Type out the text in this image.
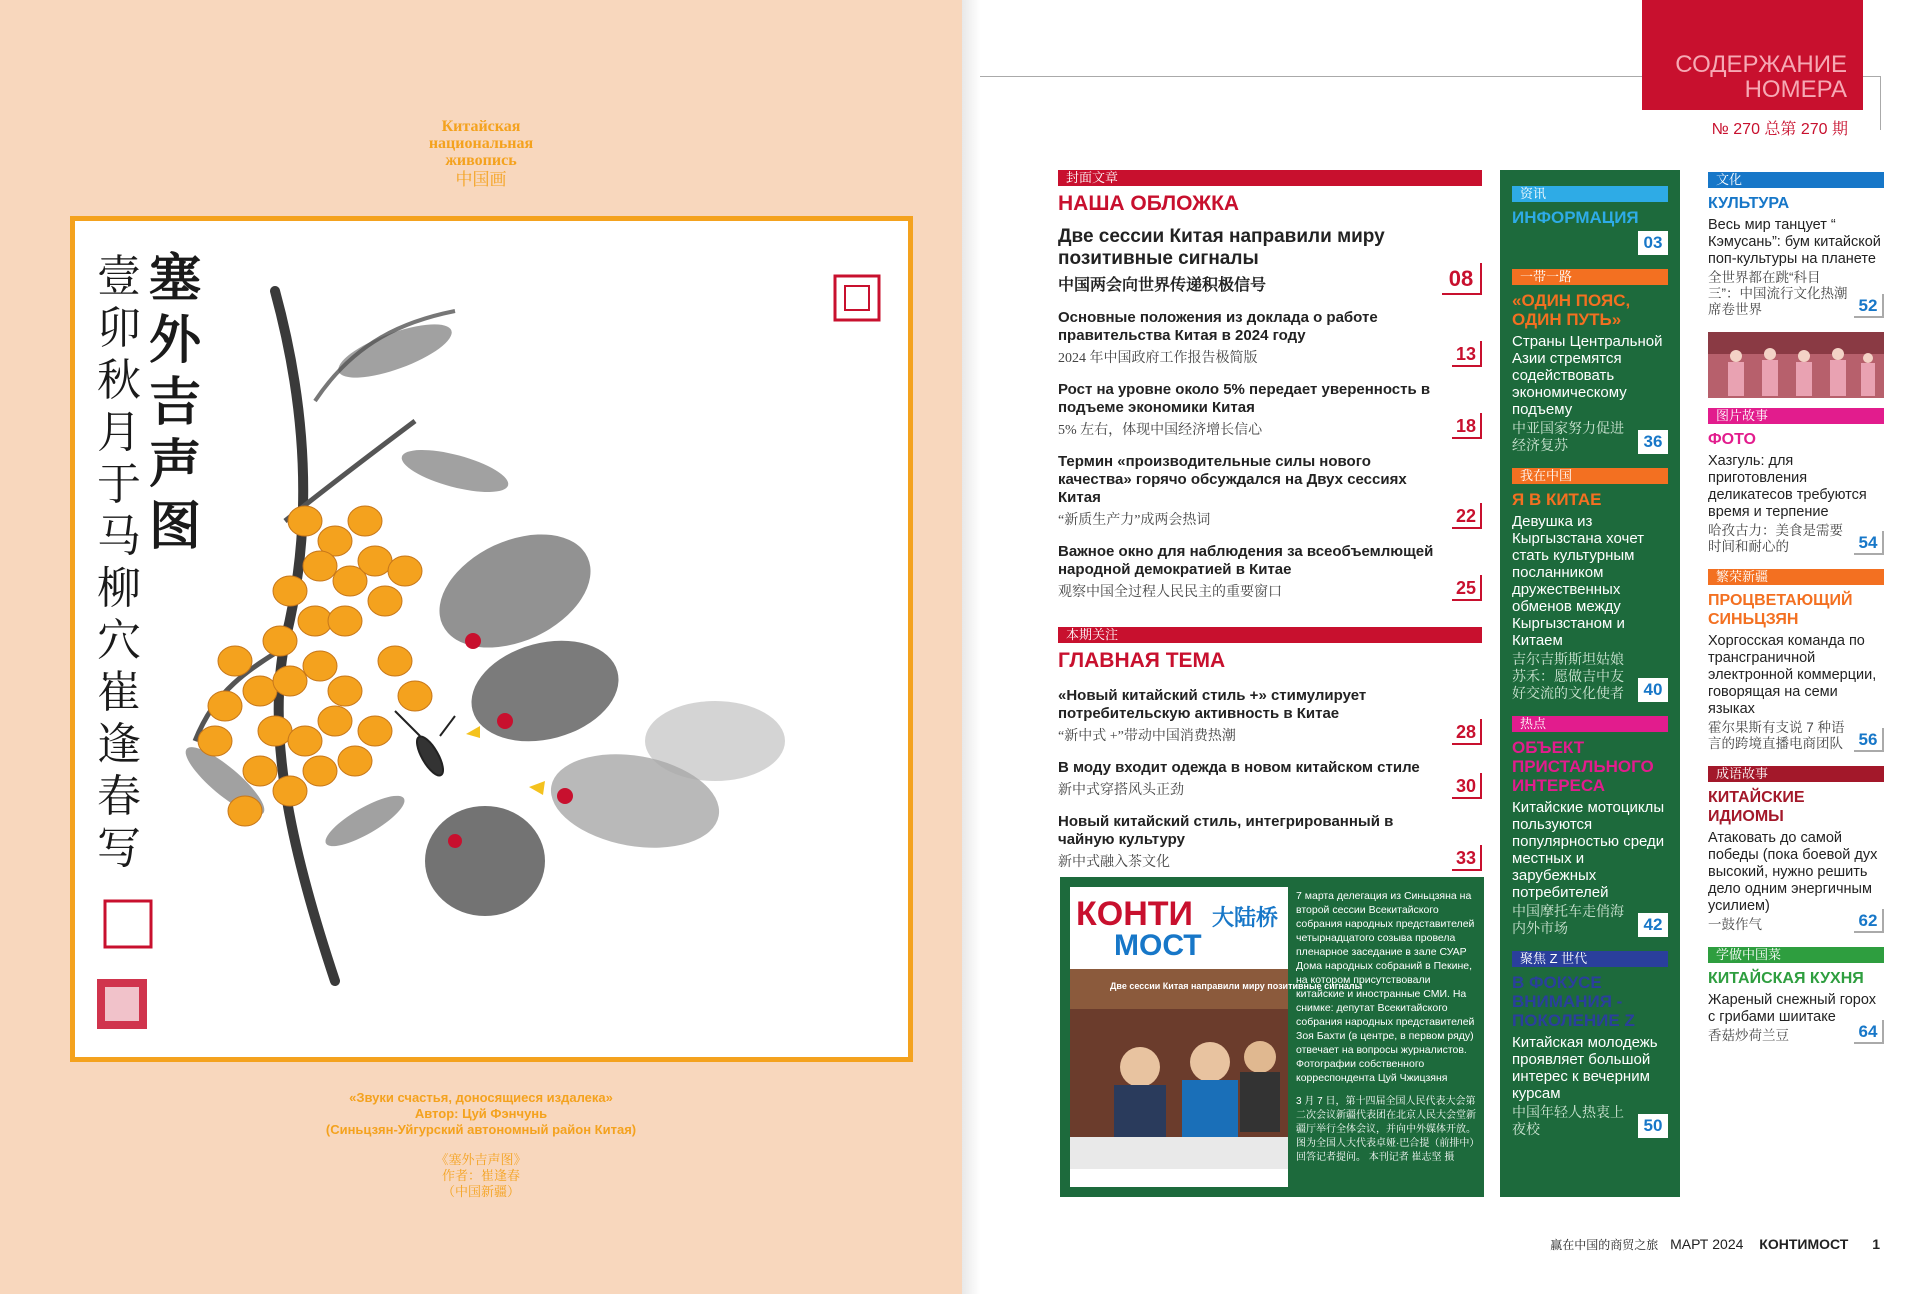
Китайская
национальная
живопись
中国画
塞
外
吉
声
图
壹
卯
秋
月
于
马
柳
穴
崔
逢
春
写
«Звуки счастья, доносящиеся издалека»
Автор: Цуй Фэнчунь
(Синьцзян-Уйгурский автономный район Китая)
《塞外吉声图》
作者：崔逢春
（中国新疆）
СОДЕРЖАНИЕ
НОМЕРА
№ 270 总第 270 期
封面文章
НАША ОБЛОЖКА
Две сессии Китая направили миру позитивные сигналы
中国两会向世界传递积极信号	08
Основные положения из доклада о работе правительства Китая в 2024 году
2024 年中国政府工作报告极简版	13
Рост на уровне около 5% передает уверенность в подъеме экономики Китая
5% 左右，体现中国经济增长信心	18
Термин «производительные силы нового качества» горячо обсуждался на Двух сессиях Китая
“新质生产力”成两会热词	22
Важное окно для наблюдения за всеобъемлющей народной демократией в Китае
观察中国全过程人民民主的重要窗口	25
本期关注
ГЛАВНАЯ ТЕМА
«Новый китайский стиль +» стимулирует потребительскую активность в Китае
“新中式 +”带动中国消费热潮	28
В моду входит одежда в новом китайском стиле
新中式穿搭风头正劲	30
Новый китайский стиль, интегрированный в чайную культуру
新中式融入茶文化	33
КОНТИ
МОСТ
大陆桥
Две сессии Китая направили миру позитивные сигналы

7 марта делегация из Синьцзяна на второй сессии Всекитайского собрания народных представителей четырнадцатого созыва провела пленарное заседание в зале СУАР Дома народных собраний в Пекине, на котором присутствовали китайские и иностранные СМИ. На снимке: депутат Всекитайского собрания народных представителей Зоя Бахти (в центре, в первом ряду) отвечает на вопросы журналистов. Фотографии собственного корреспондента Цуй Чжицзяня

3 月 7 日，第十四届全国人民代表大会第二次会议新疆代表团在北京人民大会堂新疆厅举行全体会议，并向中外媒体开放。图为全国人大代表卓娅·巴合提（前排中）回答记者提问。 本刊记者 崔志坚 摄

资讯
ИНФОРМАЦИЯ
03
一带一路
«ОДИН ПОЯС, ОДИН ПУТЬ»
Страны Центральной Азии стремятся содействовать экономическому подъему
中亚国家努力促进经济复苏	36
我在中国
Я В КИТАЕ
Девушка из Кыргызстана хочет стать культурным посланником дружественных обменов между Кыргызстаном и Китаем
吉尔吉斯斯坦姑娘苏禾：愿做吉中友好交流的文化使者	40
热点
ОБЪЕКТ ПРИСТАЛЬНОГО ИНТЕРЕСА
Китайские мотоциклы пользуются популярностью среди местных и зарубежных потребителей
中国摩托车走俏海内外市场	42
聚焦 Z 世代
В ФОКУСЕ ВНИМАНИЯ - ПОКОЛЕНИЕ Z
Китайская молодежь проявляет большой интерес к вечерним курсам
中国年轻人热衷上夜校	50
文化
КУЛЬТУРА
Весь мир танцует “ Кэмусань”: бум китайской поп-культуры на планете
全世界都在跳“科目三”：中国流行文化热潮席卷世界	52
图片故事
ФОТО
Хазгуль: для приготовления деликатесов требуются время и терпение
哈孜古力：美食是需要时间和耐心的	54
繁荣新疆
ПРОЦВЕТАЮЩИЙ СИНЬЦЗЯН
Хоргосская команда по трансграничной электронной коммерции, говорящая на семи языках
霍尔果斯有支说 7 种语言的跨境直播电商团队 56
成语故事
КИТАЙСКИЕ ИДИОМЫ
Атаковать до самой победы (пока боевой дух высокий, нужно решить дело одним энергичным усилием)
一鼓作气	62
学做中国菜
КИТАЙСКАЯ КУХНЯ
Жареный снежный горох с грибами шиитаке
香菇炒荷兰豆	64
赢在中国的商贸之旅 МАРТ 2024 КОНТИМОСТ 1
